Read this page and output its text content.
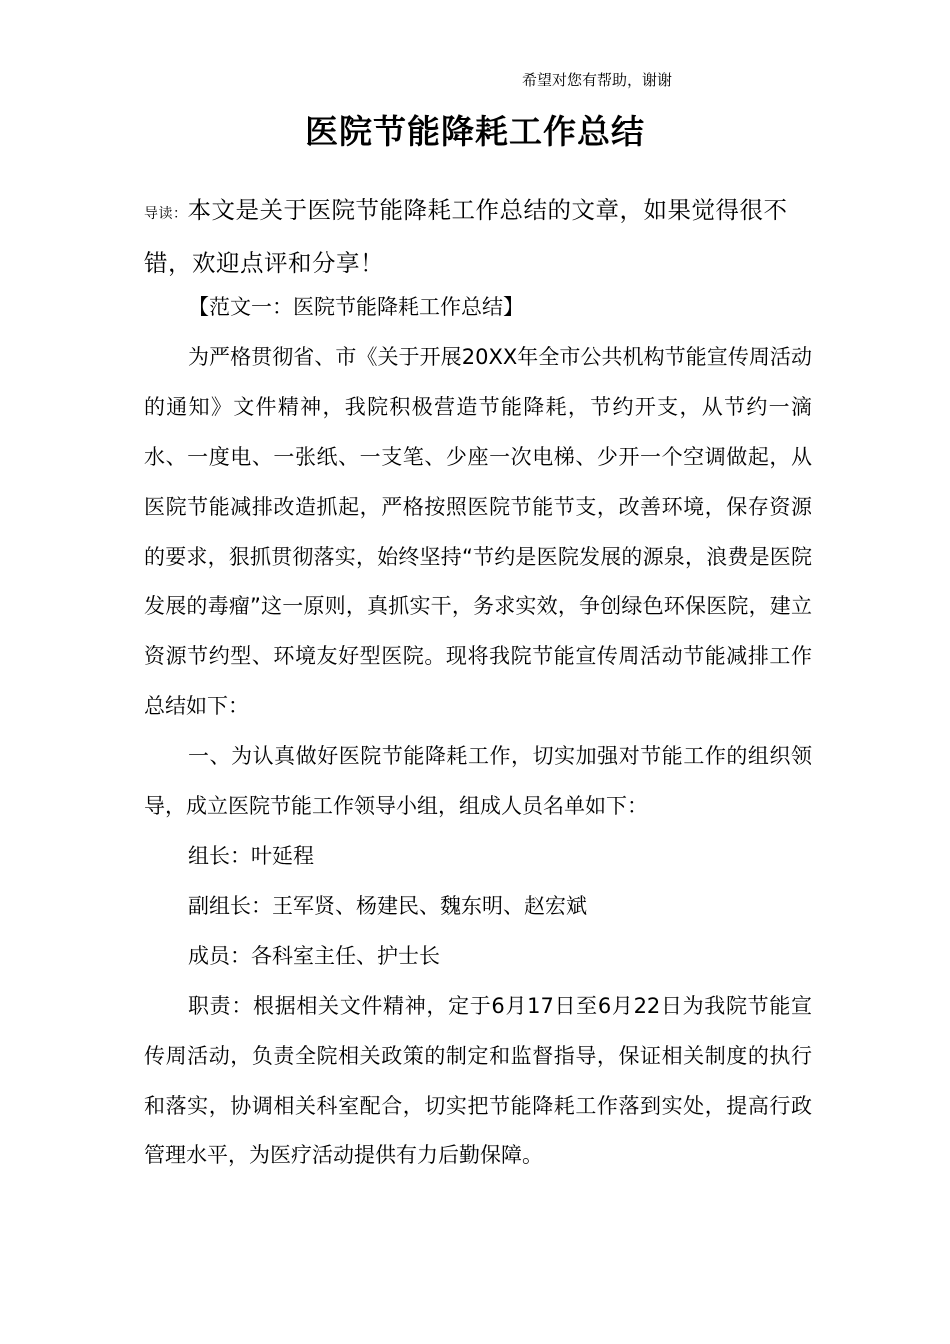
希望对您有帮助，谢谢
医院节能降耗工作总结

导读：本文是关于医院节能降耗工作总结的文章，如果觉得很不错，欢迎点评和分享！

【范文一：医院节能降耗工作总结】

为严格贯彻省、市《关于开展20XX年全市公共机构节能宣传周活动的通知》文件精神，我院积极营造节能降耗，节约开支，从节约一滴水、一度电、一张纸、一支笔、少座一次电梯、少开一个空调做起，从医院节能减排改造抓起，严格按照医院节能节支，改善环境，保存资源的要求，狠抓贯彻落实，始终坚持“节约是医院发展的源泉，浪费是医院发展的毒瘤”这一原则，真抓实干，务求实效，争创绿色环保医院，建立资源节约型、环境友好型医院。现将我院节能宣传周活动节能减排工作总结如下：

一、为认真做好医院节能降耗工作，切实加强对节能工作的组织领导，成立医院节能工作领导小组，组成人员名单如下：

组长：叶延程

副组长：王军贤、杨建民、魏东明、赵宏斌

成员：各科室主任、护士长

职责：根据相关文件精神，定于6月17日至6月22日为我院节能宣传周活动，负责全院相关政策的制定和监督指导，保证相关制度的执行和落实，协调相关科室配合，切实把节能降耗工作落到实处，提高行政管理水平，为医疗活动提供有力后勤保障。
